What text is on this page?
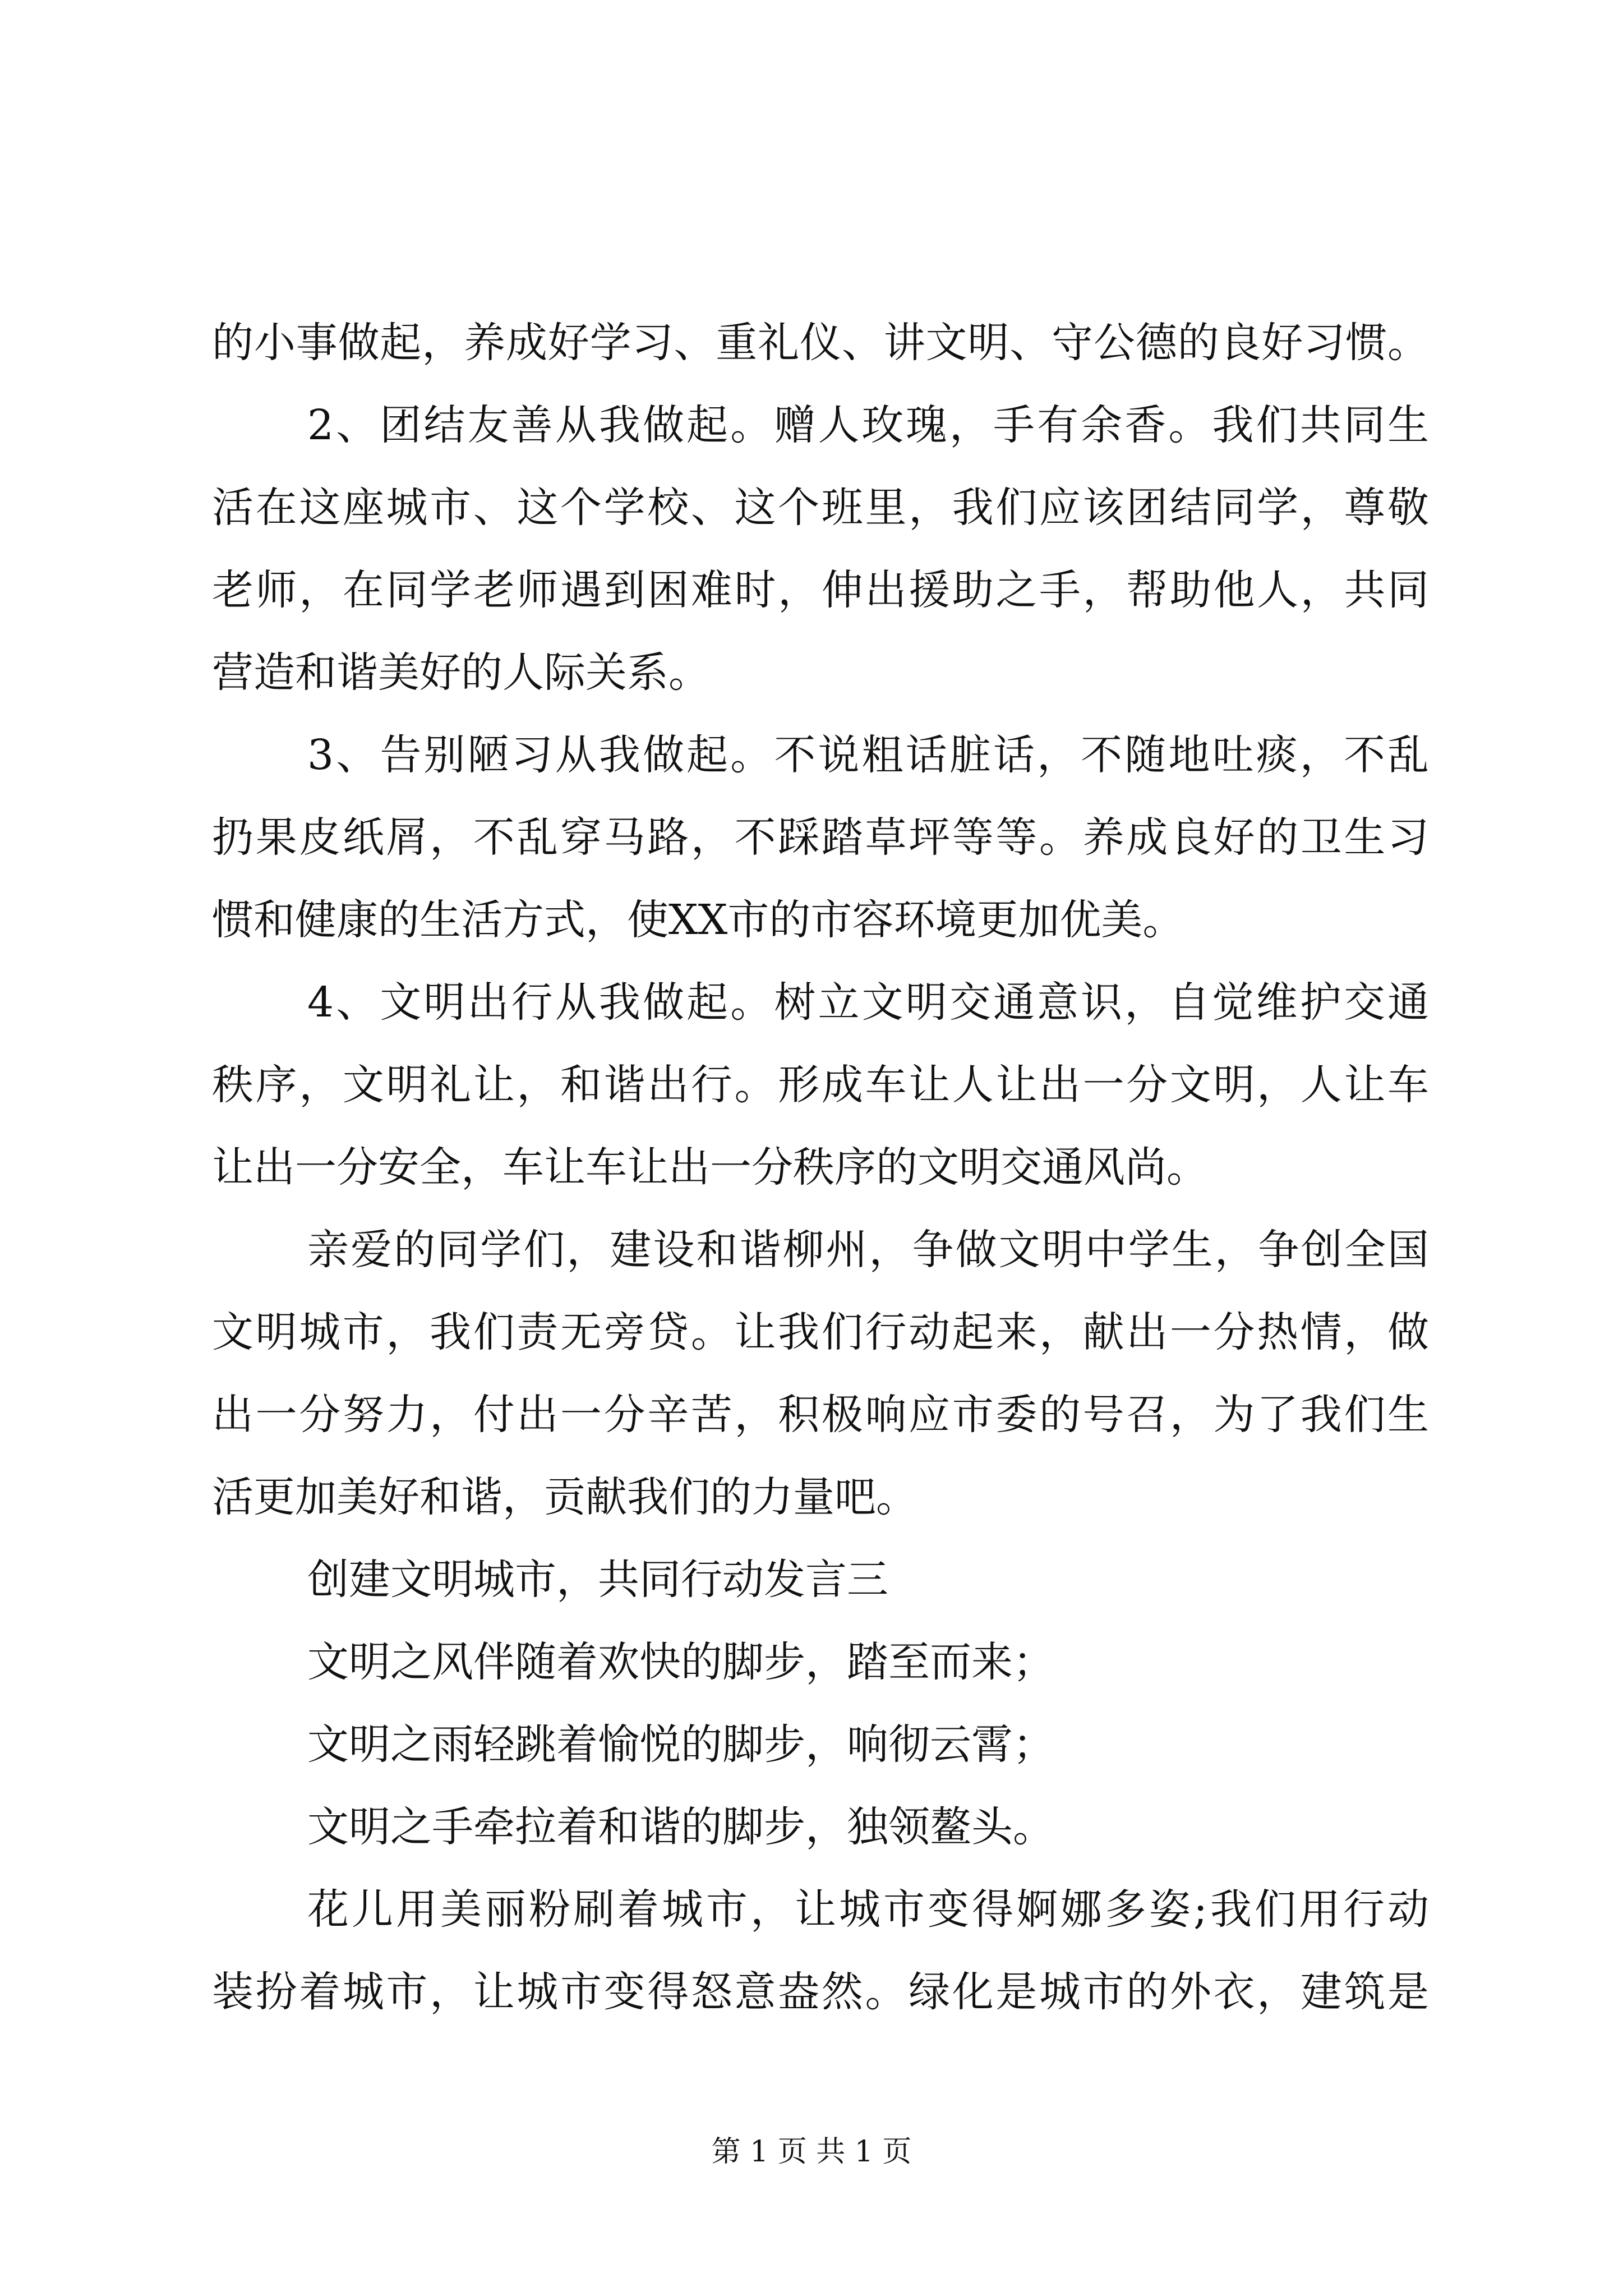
的小事做起，养成好学习、重礼仪、讲文明、守公德的良好习惯。
2、团结友善从我做起。赠人玫瑰，手有余香。我们共同生
活在这座城市、这个学校、这个班里，我们应该团结同学，尊敬
老师，在同学老师遇到困难时，伸出援助之手，帮助他人，共同
营造和谐美好的人际关系。
3、告别陋习从我做起。不说粗话脏话，不随地吐痰，不乱
扔果皮纸屑，不乱穿马路，不踩踏草坪等等。养成良好的卫生习
惯和健康的生活方式，使XX市的市容环境更加优美。
4、文明出行从我做起。树立文明交通意识，自觉维护交通
秩序，文明礼让，和谐出行。形成车让人让出一分文明，人让车
让出一分安全，车让车让出一分秩序的文明交通风尚。
亲爱的同学们，建设和谐柳州，争做文明中学生，争创全国
文明城市，我们责无旁贷。让我们行动起来，献出一分热情，做
出一分努力，付出一分辛苦，积极响应市委的号召，为了我们生
活更加美好和谐，贡献我们的力量吧。
创建文明城市，共同行动发言三
文明之风伴随着欢快的脚步，踏至而来；
文明之雨轻跳着愉悦的脚步，响彻云霄；
文明之手牵拉着和谐的脚步，独领鳌头。
花儿用美丽粉刷着城市，让城市变得婀娜多姿;我们用行动
装扮着城市，让城市变得怒意盎然。绿化是城市的外衣，建筑是
第 1 页 共 1 页
